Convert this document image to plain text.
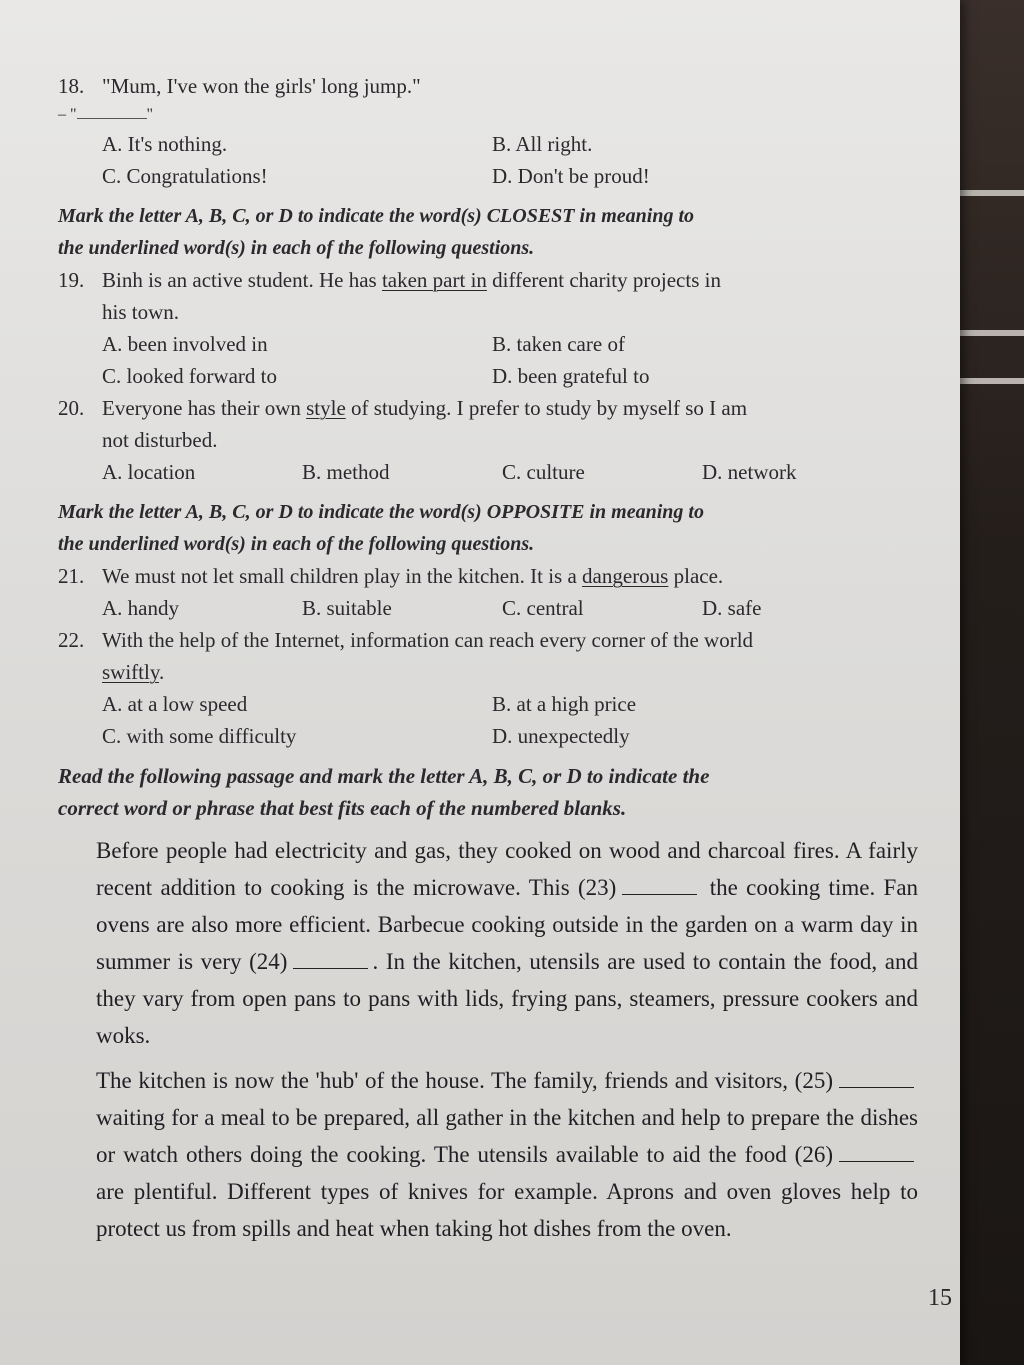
18. "Mum, I've won the girls' long jump."
– "	"
A. It's nothing.	B. All right.
C. Congratulations!	D. Don't be proud!
Mark the letter A, B, C, or D to indicate the word(s) CLOSEST in meaning to
the underlined word(s) in each of the following questions.
19. Binh is an active student. He has taken part in different charity projects in
his town.
A. been involved in	B. taken care of
C. looked forward to	D. been grateful to
20. Everyone has their own style of studying. I prefer to study by myself so I am
not disturbed.
A. location	B. method	C. culture	D. network
Mark the letter A, B, C, or D to indicate the word(s) OPPOSITE in meaning to
the underlined word(s) in each of the following questions.
21. We must not let small children play in the kitchen. It is a dangerous place.
A. handy	B. suitable	C. central	D. safe
22. With the help of the Internet, information can reach every corner of the world
swiftly.
A. at a low speed	B. at a high price
C. with some difficulty	D. unexpectedly
Read the following passage and mark the letter A, B, C, or D to indicate the
correct word or phrase that best fits each of the numbered blanks.

Before people had electricity and gas, they cooked on wood and charcoal fires. A fairly recent addition to cooking is the microwave. This (23)	the cooking time. Fan ovens are also more efficient. Barbecue cooking outside in the garden on a warm day in summer is very (24)	. In the kitchen, utensils are used to contain the food, and they vary from open pans to pans with lids, frying pans, steamers, pressure cookers and woks.

The kitchen is now the 'hub' of the house. The family, friends and visitors, (25) waiting for a meal to be prepared, all gather in the kitchen and help to prepare the dishes or watch others doing the cooking. The utensils available to aid the food (26) are plentiful. Different types of knives for example. Aprons and oven gloves help to protect us from spills and heat when taking hot dishes from the oven.

15
